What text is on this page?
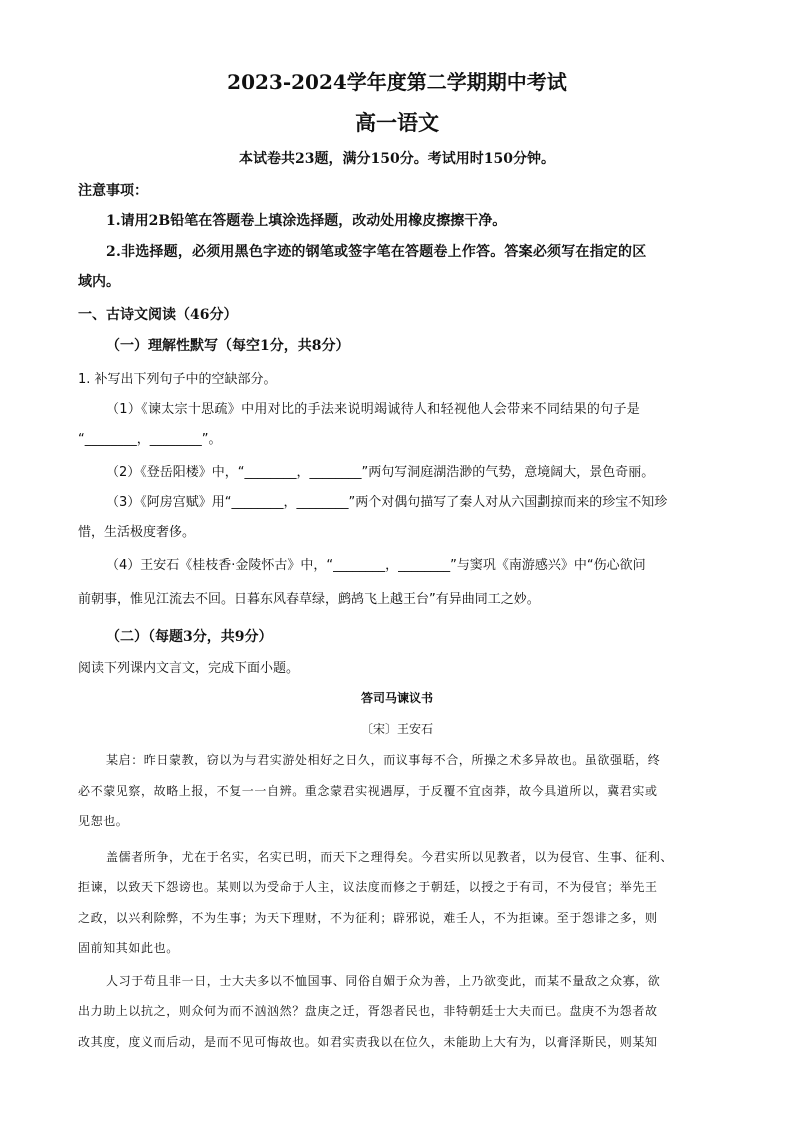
2023-2024学年度第二学期期中考试
高一语文
本试卷共23题，满分150分。考试用时150分钟。
注意事项：
1.请用2B铅笔在答题卷上填涂选择题，改动处用橡皮擦擦干净。
2.非选择题，必须用黑色字迹的钢笔或签字笔在答题卷上作答。答案必须写在指定的区
域内。
一、古诗文阅读（46分）
（一）理解性默写（每空1分，共8分）
1. 补写出下列句子中的空缺部分。
（1）《谏太宗十思疏》中用对比的手法来说明竭诚待人和轻视他人会带来不同结果的句子是
“________，________”。
（2）《登岳阳楼》中，“________，________”两句写洞庭湖浩渺的气势，意境阔大，景色奇丽。
（3）《阿房宫赋》用“________，________”两个对偶句描写了秦人对从六国劃掠而来的珍宝不知珍
惜，生活极度奢侈。
（4）王安石《桂枝香·金陵怀古》中，“________，________”与窦巩《南游感兴》中“伤心欲问
前朝事，惟见江流去不回。日暮东风春草绿，鹧鸪飞上越王台”有异曲同工之妙。
（二）（每题3分，共9分）
阅读下列课内文言文，完成下面小题。
答司马谏议书
〔宋〕王安石
某启：昨日蒙教，窃以为与君实游处相好之日久，而议事每不合，所操之术多异故也。虽欲强聒，终
必不蒙见察，故略上报，不复一一自辨。重念蒙君实视遇厚，于反覆不宜卤莽，故今具道所以，冀君实或
见恕也。
盖儒者所争，尤在于名实，名实已明，而天下之理得矣。今君实所以见教者，以为侵官、生事、征利、
拒谏，以致天下怨谤也。某则以为受命于人主，议法度而修之于朝廷，以授之于有司，不为侵官；举先王
之政，以兴利除弊，不为生事；为天下理财，不为征利；辟邪说，难壬人，不为拒谏。至于怨诽之多，则
固前知其如此也。
人习于苟且非一日，士大夫多以不恤国事、同俗自媚于众为善，上乃欲变此，而某不量敌之众寡，欲
出力助上以抗之，则众何为而不汹汹然？盘庚之迁，胥怨者民也，非特朝廷士大夫而已。盘庚不为怨者故
改其度，度义而后动，是而不见可悔故也。如君实责我以在位久，未能助上大有为，以膏泽斯民，则某知
